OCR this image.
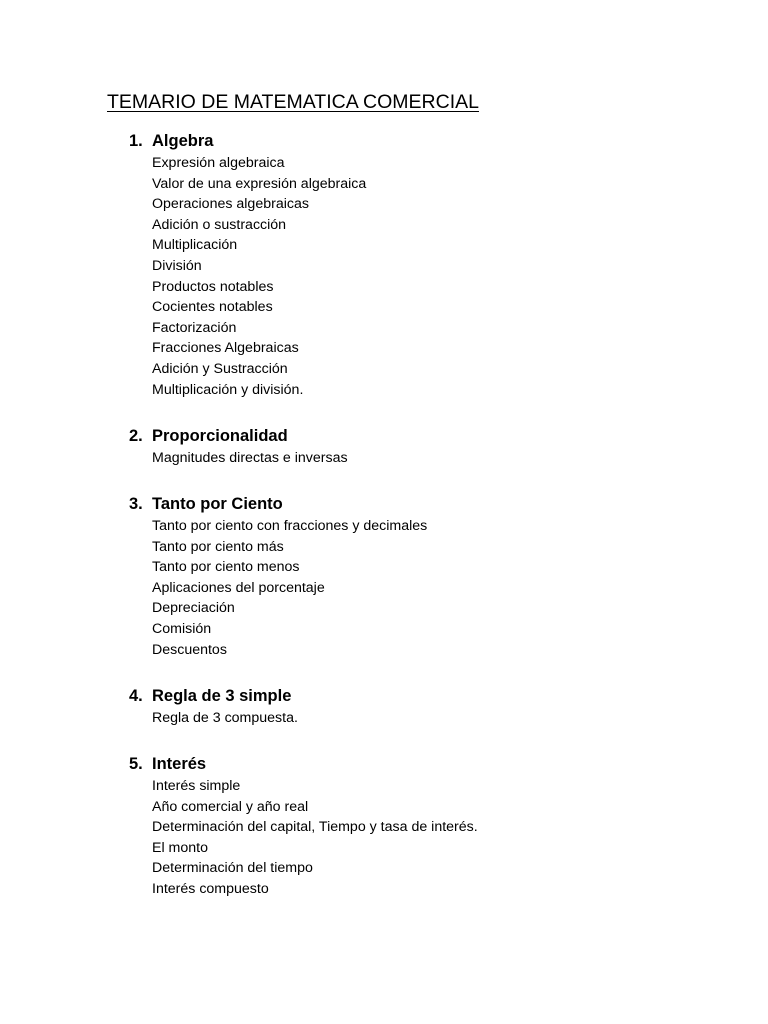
TEMARIO DE MATEMATICA COMERCIAL
1. Algebra
Expresión algebraica
Valor de una expresión algebraica
Operaciones algebraicas
Adición o sustracción
Multiplicación
División
Productos notables
Cocientes notables
Factorización
Fracciones Algebraicas
Adición y Sustracción
Multiplicación y división.
2. Proporcionalidad
Magnitudes directas e inversas
3. Tanto por Ciento
Tanto por ciento con fracciones y decimales
Tanto por ciento más
Tanto por ciento menos
Aplicaciones del porcentaje
Depreciación
Comisión
Descuentos
4. Regla de 3 simple
Regla de 3 compuesta.
5. Interés
Interés simple
Año comercial y año real
Determinación del capital, Tiempo y tasa de interés.
El monto
Determinación del tiempo
Interés compuesto
